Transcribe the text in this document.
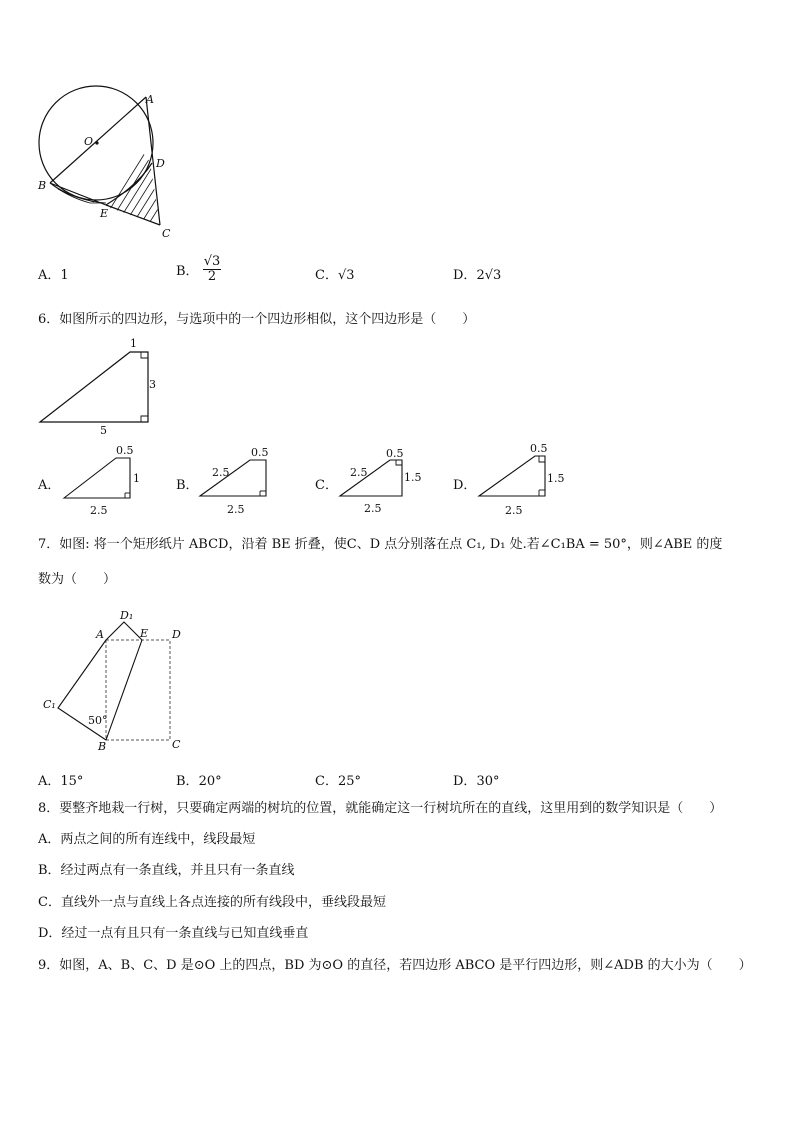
A
O
D
B
E
C
A．1	B． $\frac{√3}{2}$	C．√3	D．2√3
6．如图所示的四边形，与选项中的一个四边形相似，这个四边形是（　　）
1
3
5
A．
0.5
1
2.5
B．
0.5
2.5
2.5
C．
0.5
1.5
2.5
2.5
D．
0.5
1.5
2.5
7．如图: 将一个矩形纸片 ABCD，沿着 BE 折叠，使C、D 点分别落在点 C₁, D₁ 处.若∠C₁BA = 50°，则∠ABE 的度
数为（　　）
D₁
A	E D
C₁
50°
B	C
A．15°	B．20°	C．25°	D．30°
8．要整齐地栽一行树，只要确定两端的树坑的位置，就能确定这一行树坑所在的直线，这里用到的数学知识是（　　）
A．两点之间的所有连线中，线段最短
B．经过两点有一条直线，并且只有一条直线
C．直线外一点与直线上各点连接的所有线段中，垂线段最短
D．经过一点有且只有一条直线与已知直线垂直
9．如图，A、B、C、D 是⊙O 上的四点，BD 为⊙O 的直径，若四边形 ABCO 是平行四边形，则∠ADB 的大小为（　　）
